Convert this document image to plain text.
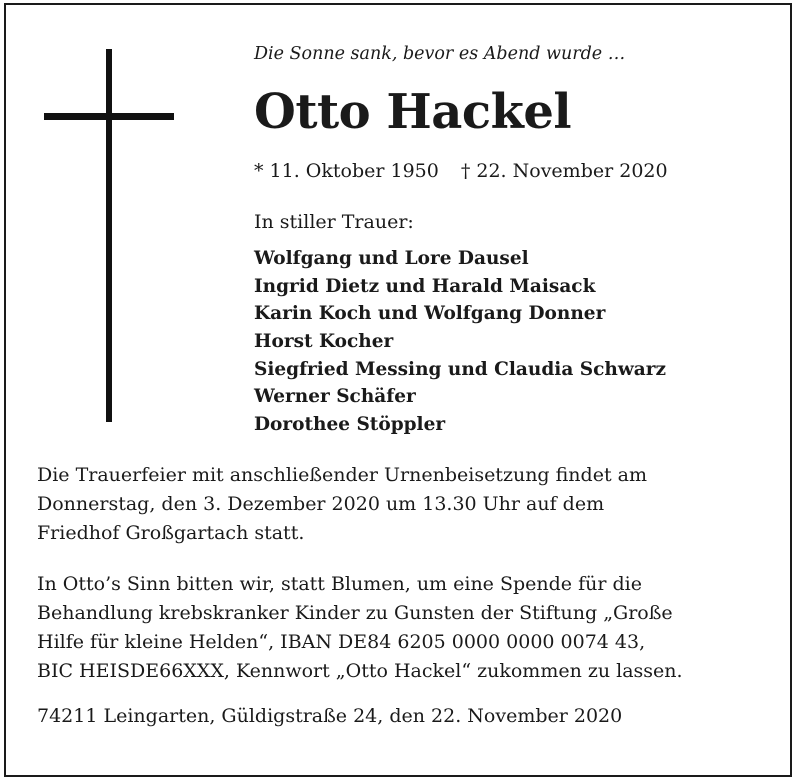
Die Sonne sank, bevor es Abend wurde …
Otto Hackel
* 11. Oktober 1950 † 22. November 2020
In stiller Trauer:
Wolfgang und Lore Dausel
Ingrid Dietz und Harald Maisack
Karin Koch und Wolfgang Donner
Horst Kocher
Siegfried Messing und Claudia Schwarz
Werner Schäfer
Dorothee Stöppler

Die Trauerfeier mit anschließender Urnenbeisetzung findet am
Donnerstag, den 3. Dezember 2020 um 13.30 Uhr auf dem
Friedhof Großgartach statt.

In Otto’s Sinn bitten wir, statt Blumen, um eine Spende für die
Behandlung krebskranker Kinder zu Gunsten der Stiftung „Große
Hilfe für kleine Helden“, IBAN DE84 6205 0000 0000 0074 43,
BIC HEISDE66XXX, Kennwort „Otto Hackel“ zukommen zu lassen.

74211 Leingarten, Güldigstraße 24, den 22. November 2020
